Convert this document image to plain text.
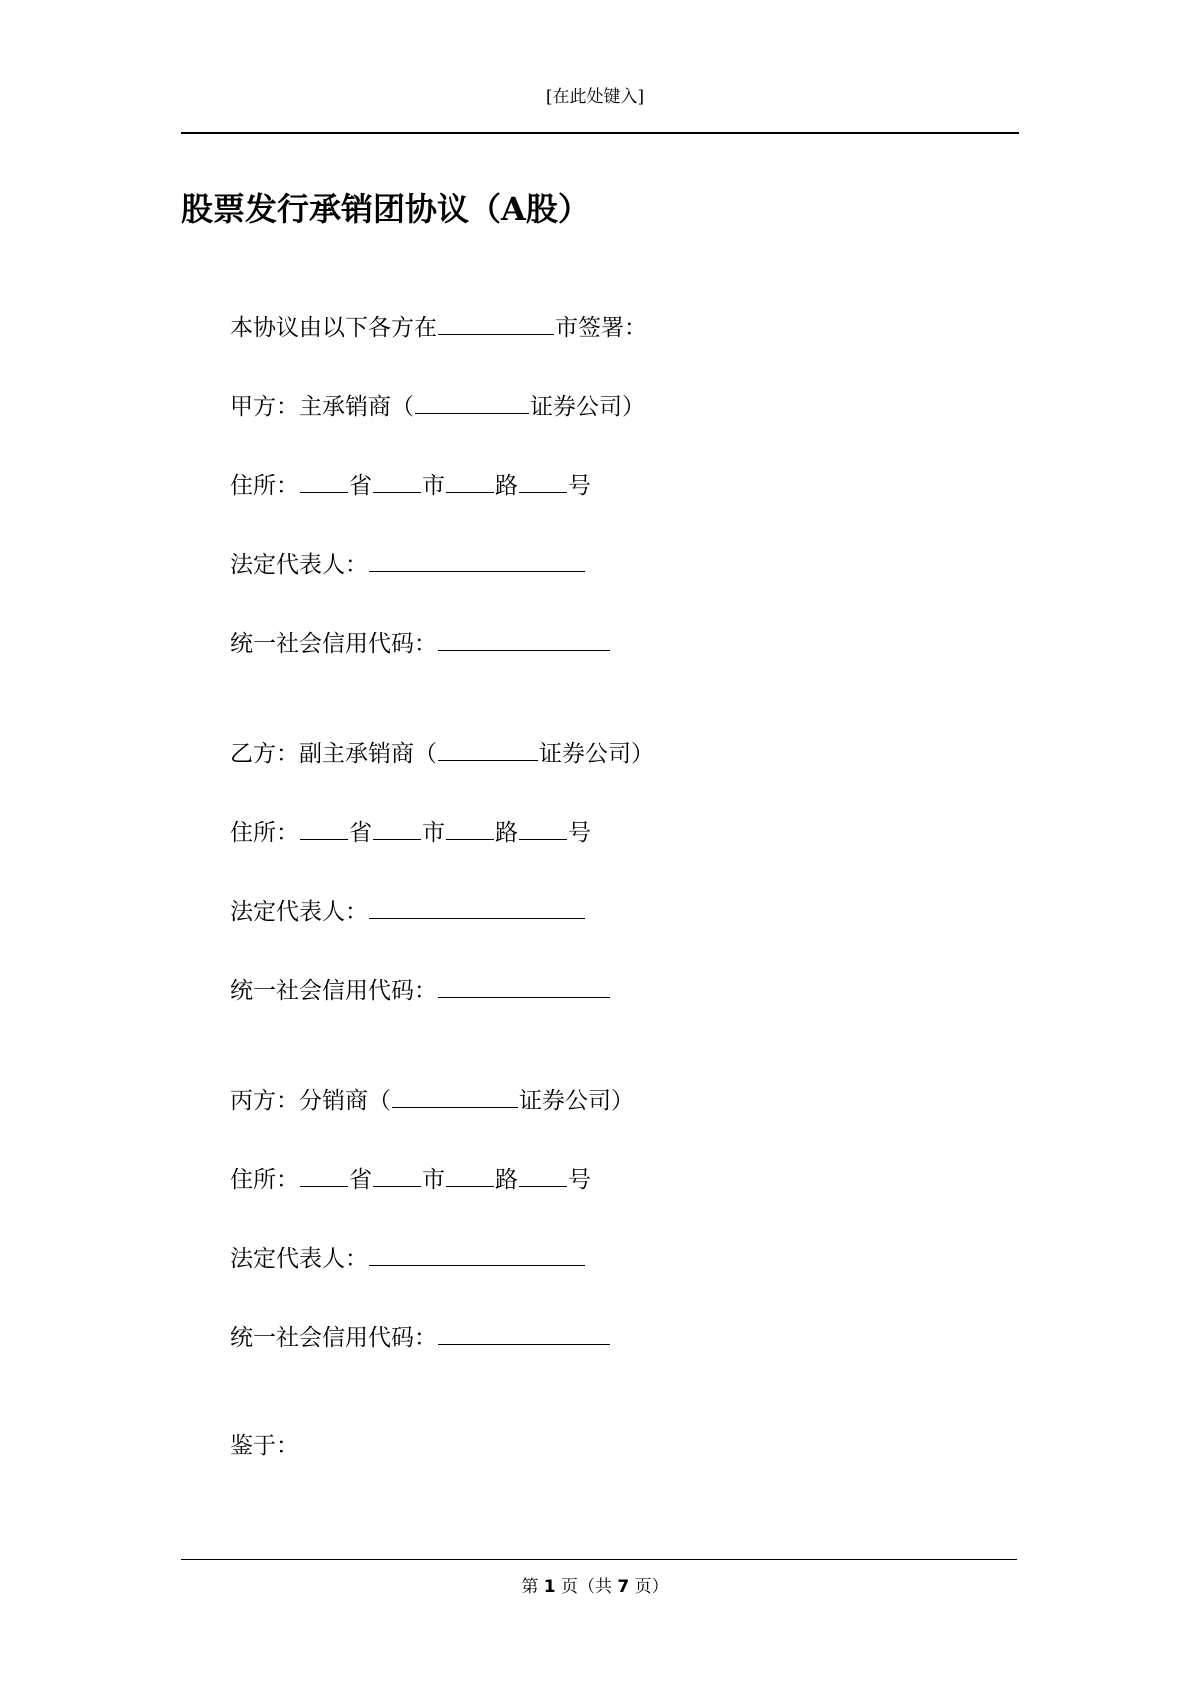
[在此处键入]
股票发行承销团协议（A股）
本协议由以下各方在	市签署：
甲方：主承销商（	证券公司）
住所： 省 市 路 号
法定代表人：
统一社会信用代码：
乙方：副主承销商（	证券公司）
住所： 省 市 路 号
法定代表人：
统一社会信用代码：
丙方：分销商（	证券公司）
住所： 省 市 路 号
法定代表人：
统一社会信用代码：
鉴于：
第 1 页（共 7 页）
